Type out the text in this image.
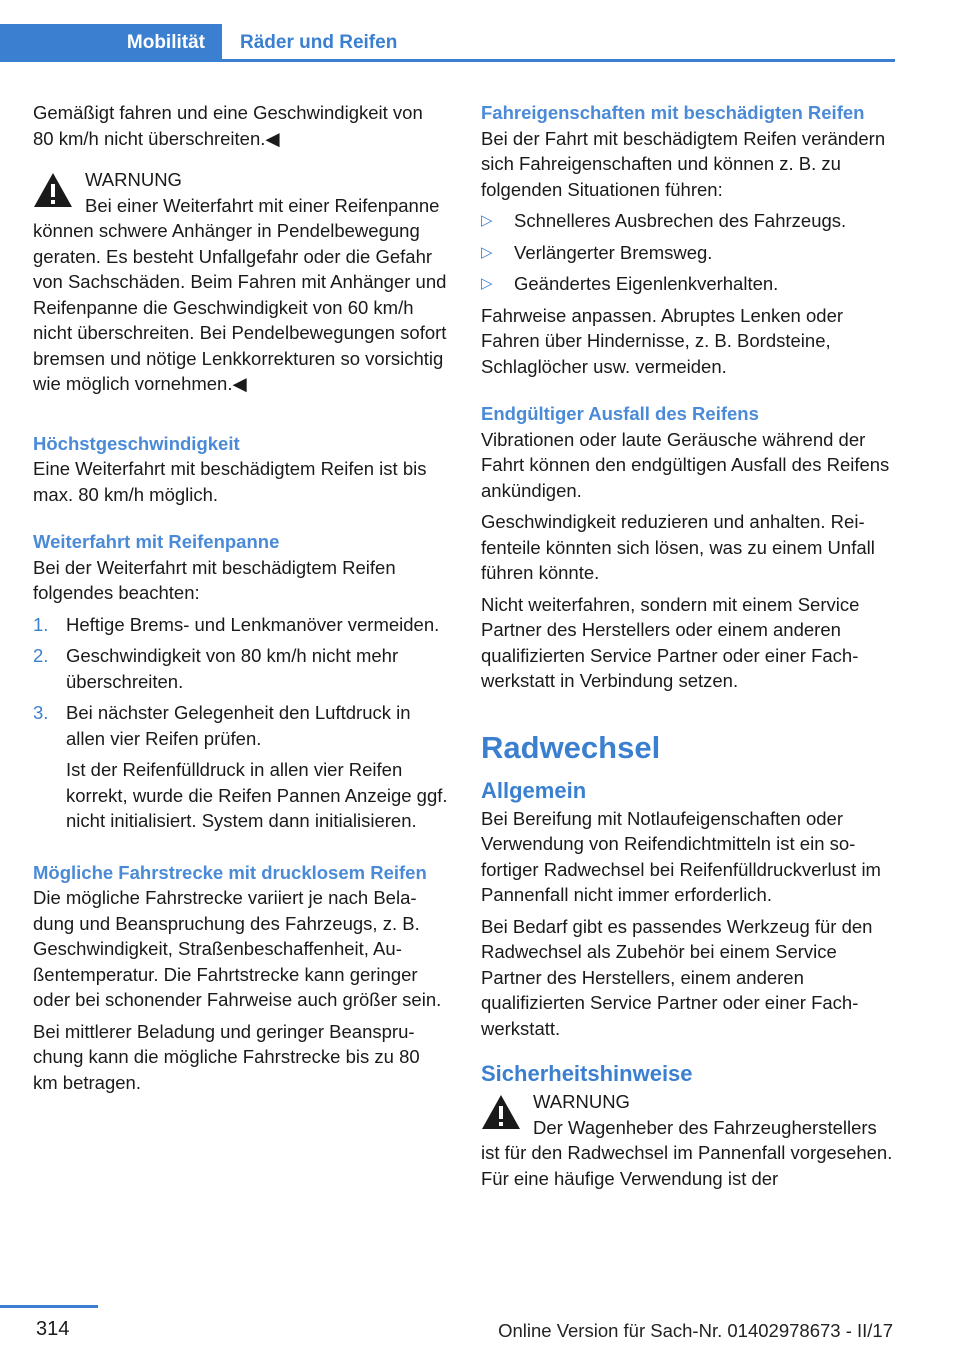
Mobilität	Räder und Reifen

Gemäßigt fahren und eine Geschwindigkeit von 80 km/h nicht überschreiten.◀

WARNUNG
Bei einer Weiterfahrt mit einer Reifenpanne können schwere Anhänger in Pendelbewegung geraten. Es besteht Unfallgefahr oder die Gefahr von Sachschäden. Beim Fahren mit Anhänger und Reifenpanne die Geschwindigkeit von 60 km/h nicht überschreiten. Bei Pendelbewegungen sofort bremsen und nötige Lenkkorrekturen so vorsichtig wie möglich vornehmen.◀
Höchstgeschwindigkeit

Eine Weiterfahrt mit beschädigtem Reifen ist bis max. 80 km/h möglich.

Weiterfahrt mit Reifenpanne

Bei der Weiterfahrt mit beschädigtem Reifen folgendes beachten:

1. Heftige Brems- und Lenkmanöver vermeiden.
2. Geschwindigkeit von 80 km/h nicht mehr überschreiten.
3. Bei nächster Gelegenheit den Luftdruck in allen vier Reifen prüfen.
Ist der Reifenfülldruck in allen vier Reifen korrekt, wurde die Reifen Pannen Anzeige ggf. nicht initialisiert. System dann initialisieren.
Mögliche Fahrstrecke mit drucklosem Reifen

Die mögliche Fahrstrecke variiert je nach Beladung und Beanspruchung des Fahrzeugs, z. B. Geschwindigkeit, Straßenbeschaffenheit, Außentemperatur. Die Fahrtstrecke kann geringer oder bei schonender Fahrweise auch größer sein.

Bei mittlerer Beladung und geringer Beanspruchung kann die mögliche Fahrstrecke bis zu 80 km betragen.

Fahreigenschaften mit beschädigten Reifen

Bei der Fahrt mit beschädigtem Reifen verändern sich Fahreigenschaften und können z. B. zu folgenden Situationen führen:

▷ Schnelleres Ausbrechen des Fahrzeugs.
▷ Verlängerter Bremsweg.
▷ Geändertes Eigenlenkverhalten.

Fahrweise anpassen. Abruptes Lenken oder Fahren über Hindernisse, z. B. Bordsteine, Schlaglöcher usw. vermeiden.

Endgültiger Ausfall des Reifens

Vibrationen oder laute Geräusche während der Fahrt können den endgültigen Ausfall des Reifens ankündigen.

Geschwindigkeit reduzieren und anhalten. Reifenteile könnten sich lösen, was zu einem Unfall führen könnte.

Nicht weiterfahren, sondern mit einem Service Partner des Herstellers oder einem anderen qualifizierten Service Partner oder einer Fachwerkstatt in Verbindung setzen.

Radwechsel
Allgemein

Bei Bereifung mit Notlaufeigenschaften oder Verwendung von Reifendichtmitteln ist ein sofortiger Radwechsel bei Reifenfülldruckverlust im Pannenfall nicht immer erforderlich.

Bei Bedarf gibt es passendes Werkzeug für den Radwechsel als Zubehör bei einem Service Partner des Herstellers, einem anderen qualifizierten Service Partner oder einer Fachwerkstatt.

Sicherheitshinweise
WARNUNG
Der Wagenheber des Fahrzeugherstellers ist für den Radwechsel im Pannenfall vorgesehen. Für eine häufige Verwendung ist der
314	Online Version für Sach-Nr. 01402978673 - II/17
